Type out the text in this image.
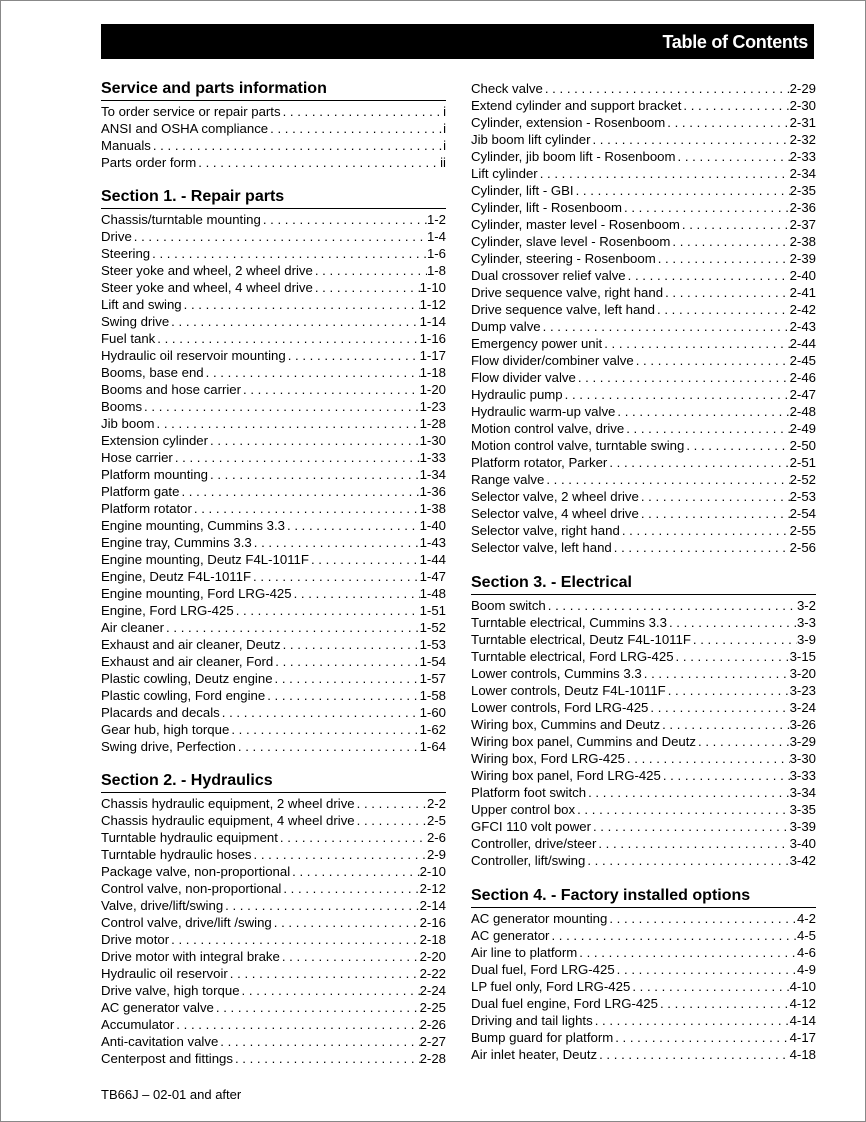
Table of Contents
Service and parts information
To order service or repair parts . . .	i
ANSI and OSHA compliance . . .	i
Manuals . . .	i
Parts order form . . .	ii
Section 1. - Repair parts
Chassis/turntable mounting . . .	1-2
Drive . . .	1-4
Steering . . .	1-6
Steer yoke and wheel, 2 wheel drive . . .	1-8
Steer yoke and wheel, 4 wheel drive . . .	1-10
Lift and swing . . .	1-12
Swing drive . . .	1-14
Fuel tank . . .	1-16
Hydraulic oil reservoir mounting . . .	1-17
Booms, base end . . .	1-18
Booms and hose carrier . . .	1-20
Booms . . .	1-23
Jib boom . . .	1-28
Extension cylinder . . .	1-30
Hose carrier . . .	1-33
Platform mounting . . .	1-34
Platform gate . . .	1-36
Platform rotator . . .	1-38
Engine mounting, Cummins 3.3 . . .	1-40
Engine tray, Cummins 3.3 . . .	1-43
Engine mounting, Deutz F4L-1011F . . .	1-44
Engine, Deutz F4L-1011F . . .	1-47
Engine mounting, Ford LRG-425 . . .	1-48
Engine, Ford LRG-425 . . .	1-51
Air cleaner . . .	1-52
Exhaust and air cleaner, Deutz . . .	1-53
Exhaust and air cleaner, Ford . . .	1-54
Plastic cowling, Deutz engine . . .	1-57
Plastic cowling, Ford engine . . .	1-58
Placards and decals . . .	1-60
Gear hub, high torque . . .	1-62
Swing drive, Perfection . . .	1-64
Section 2. - Hydraulics
Chassis hydraulic equipment, 2 wheel drive . . .	2-2
Chassis hydraulic equipment, 4 wheel drive . . .	2-5
Turntable hydraulic equipment . . .	2-6
Turntable hydraulic hoses . . .	2-9
Package valve, non-proportional . . .	2-10
Control valve, non-proportional . . .	2-12
Valve, drive/lift/swing . . .	2-14
Control valve, drive/lift /swing . . .	2-16
Drive motor . . .	2-18
Drive motor with integral brake . . .	2-20
Hydraulic oil reservoir . . .	2-22
Drive valve, high torque . . .	2-24
AC generator valve . . .	2-25
Accumulator . . .	2-26
Anti-cavitation valve . . .	2-27
Centerpost and fittings . . .	2-28
Check valve . . .	2-29
Extend cylinder and support bracket . . .	2-30
Cylinder, extension - Rosenboom . . .	2-31
Jib boom lift cylinder . . .	2-32
Cylinder, jib boom lift - Rosenboom . . .	2-33
Lift cylinder . . .	2-34
Cylinder, lift - GBI . . .	2-35
Cylinder, lift - Rosenboom . . .	2-36
Cylinder, master level - Rosenboom . . .	2-37
Cylinder, slave level - Rosenboom . . .	2-38
Cylinder, steering - Rosenboom . . .	2-39
Dual crossover relief valve . . .	2-40
Drive sequence valve, right hand . . .	2-41
Drive sequence valve, left hand . . .	2-42
Dump valve . . .	2-43
Emergency power unit . . .	2-44
Flow divider/combiner valve . . .	2-45
Flow divider valve . . .	2-46
Hydraulic pump . . .	2-47
Hydraulic warm-up valve . . .	2-48
Motion control valve, drive . . .	2-49
Motion control valve, turntable swing . . .	2-50
Platform rotator, Parker . . .	2-51
Range valve . . .	2-52
Selector valve, 2 wheel drive . . .	2-53
Selector valve, 4 wheel drive . . .	2-54
Selector valve, right hand . . .	2-55
Selector valve, left hand . . .	2-56
Section 3. - Electrical
Boom switch . . .	3-2
Turntable electrical, Cummins 3.3 . . .	3-3
Turntable electrical, Deutz F4L-1011F . . .	3-9
Turntable electrical, Ford LRG-425 . . .	3-15
Lower controls, Cummins 3.3 . . .	3-20
Lower controls, Deutz F4L-1011F . . .	3-23
Lower controls, Ford LRG-425 . . .	3-24
Wiring box, Cummins and Deutz . . .	3-26
Wiring box panel, Cummins and Deutz . . .	3-29
Wiring box, Ford LRG-425 . . .	3-30
Wiring box panel, Ford LRG-425 . . .	3-33
Platform foot switch . . .	3-34
Upper control box . . .	3-35
GFCI 110 volt power . . .	3-39
Controller, drive/steer . . .	3-40
Controller, lift/swing . . .	3-42
Section 4. - Factory installed options
AC generator mounting . . .	4-2
AC generator . . .	4-5
Air line to platform . . .	4-6
Dual fuel, Ford LRG-425 . . .	4-9
LP fuel only, Ford LRG-425 . . .	4-10
Dual fuel engine, Ford LRG-425 . . .	4-12
Driving and tail lights . . .	4-14
Bump guard for platform . . .	4-17
Air inlet heater, Deutz . . .	4-18
TB66J – 02-01 and after
